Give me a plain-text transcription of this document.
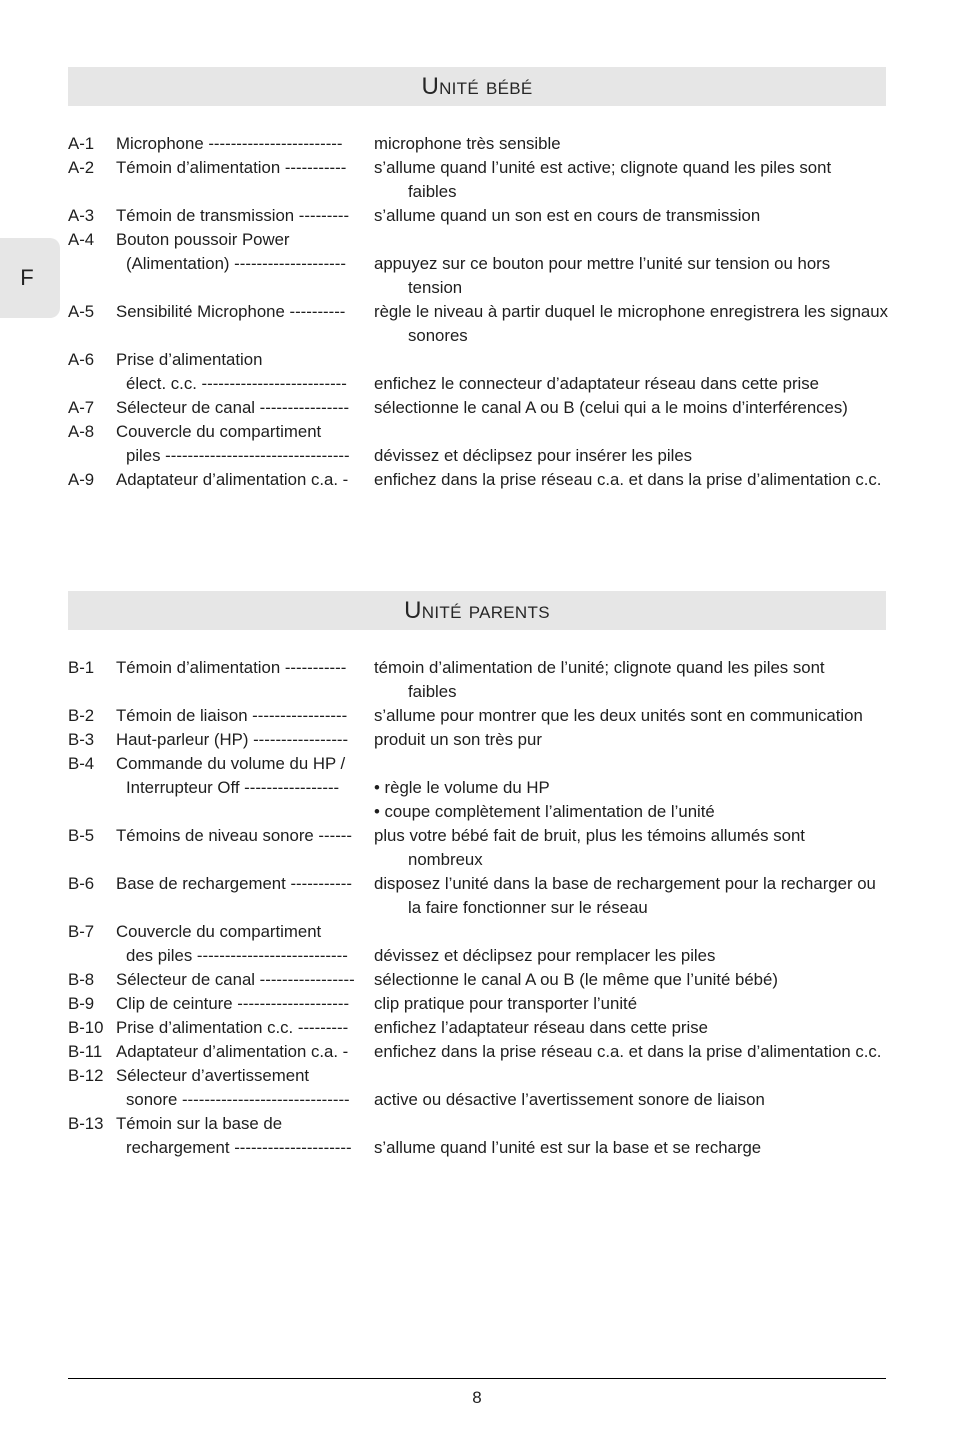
F
Unité bébé
A-1	Microphone ------------------------	microphone très sensible
A-2	Témoin d’alimentation -----------	s’allume quand l’unité est active; clignote quand les piles sont
faibles
A-3	Témoin de transmission ---------	s’allume quand un son est en cours de transmission
A-4	Bouton poussoir Power
(Alimentation) --------------------	appuyez sur ce bouton pour mettre l’unité sur tension ou hors
tension
A-5	Sensibilité Microphone ----------	règle le niveau à partir duquel le microphone enregistrera les signaux
sonores
A-6	Prise d’alimentation
élect. c.c. --------------------------	enfichez le connecteur d’adaptateur réseau dans cette prise
A-7	Sélecteur de canal ----------------	sélectionne le canal A ou B (celui qui a le moins d’interférences)
A-8	Couvercle du compartiment
piles ---------------------------------	dévissez et déclipsez pour insérer les piles
A-9	Adaptateur d’alimentation c.a. -	enfichez dans la prise réseau c.a. et dans la prise d’alimentation c.c.
Unité parents
B-1	Témoin d’alimentation -----------	témoin d’alimentation de l’unité; clignote quand les piles sont
faibles
B-2	Témoin de liaison -----------------	s’allume pour montrer que les deux unités sont en communication
B-3	Haut-parleur (HP) -----------------	produit un son très pur
B-4	Commande du volume du HP /
Interrupteur Off -----------------	• règle le volume du HP
• coupe complètement l’alimentation de l’unité
B-5	Témoins de niveau sonore ------	plus votre bébé fait de bruit, plus les témoins allumés sont
nombreux
B-6	Base de rechargement -----------	disposez l’unité dans la base de rechargement pour la recharger ou
la faire fonctionner sur le réseau
B-7	Couvercle du compartiment
des piles ---------------------------	dévissez et déclipsez pour remplacer les piles
B-8	Sélecteur de canal -----------------	sélectionne le canal A ou B (le même que l’unité bébé)
B-9	Clip de ceinture --------------------	clip pratique pour transporter l’unité
B-10 Prise d’alimentation c.c. ---------	enfichez l’adaptateur réseau dans cette prise
B-11 Adaptateur d’alimentation c.a. -	enfichez dans la prise réseau c.a. et dans la prise d’alimentation c.c.
B-12 Sélecteur d’avertissement
sonore ------------------------------	active ou désactive l’avertissement sonore de liaison
B-13 Témoin sur la base de
rechargement ---------------------	s’allume quand l’unité est sur la base et se recharge
8
